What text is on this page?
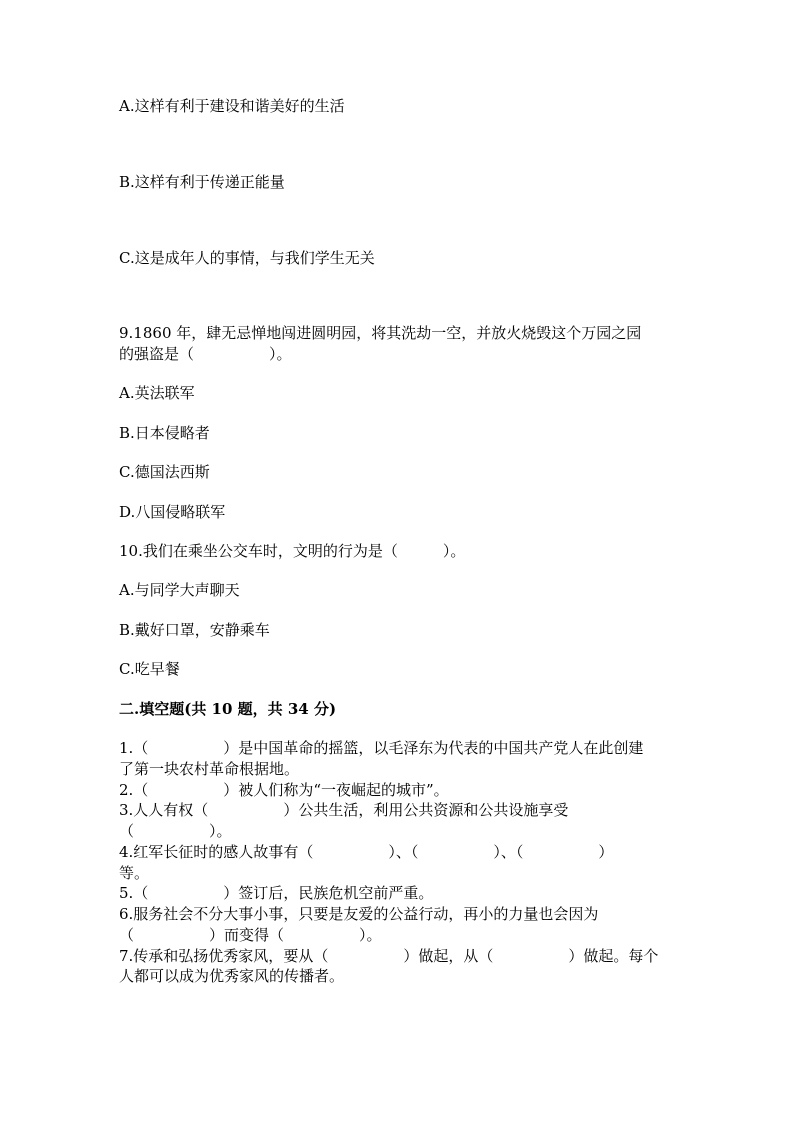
A.这样有利于建设和谐美好的生活
B.这样有利于传递正能量
C.这是成年人的事情，与我们学生无关
9.1860 年，肆无忌惮地闯进圆明园，将其洗劫一空，并放火烧毁这个万园之园
的强盗是（　　　　　）。
A.英法联军
B.日本侵略者
C.德国法西斯
D.八国侵略联军
10.我们在乘坐公交车时，文明的行为是（　　　）。
A.与同学大声聊天
B.戴好口罩，安静乘车
C.吃早餐
二.填空题(共 10 题，共 34 分)
1.（　　　　　）是中国革命的摇篮，以毛泽东为代表的中国共产党人在此创建
了第一块农村革命根据地。
2.（　　　　　）被人们称为“一夜崛起的城市”。
3.人人有权（　　　　　）公共生活，利用公共资源和公共设施享受
（　　　　　）。
4.红军长征时的感人故事有（　　　　　）、（　　　　　）、（　　　　　）
等。
5.（　　　　　）签订后，民族危机空前严重。
6.服务社会不分大事小事，只要是友爱的公益行动，再小的力量也会因为
（　　　　　）而变得（　　　　　）。
7.传承和弘扬优秀家风，要从（　　　　　）做起，从（　　　　　）做起。每个
人都可以成为优秀家风的传播者。
